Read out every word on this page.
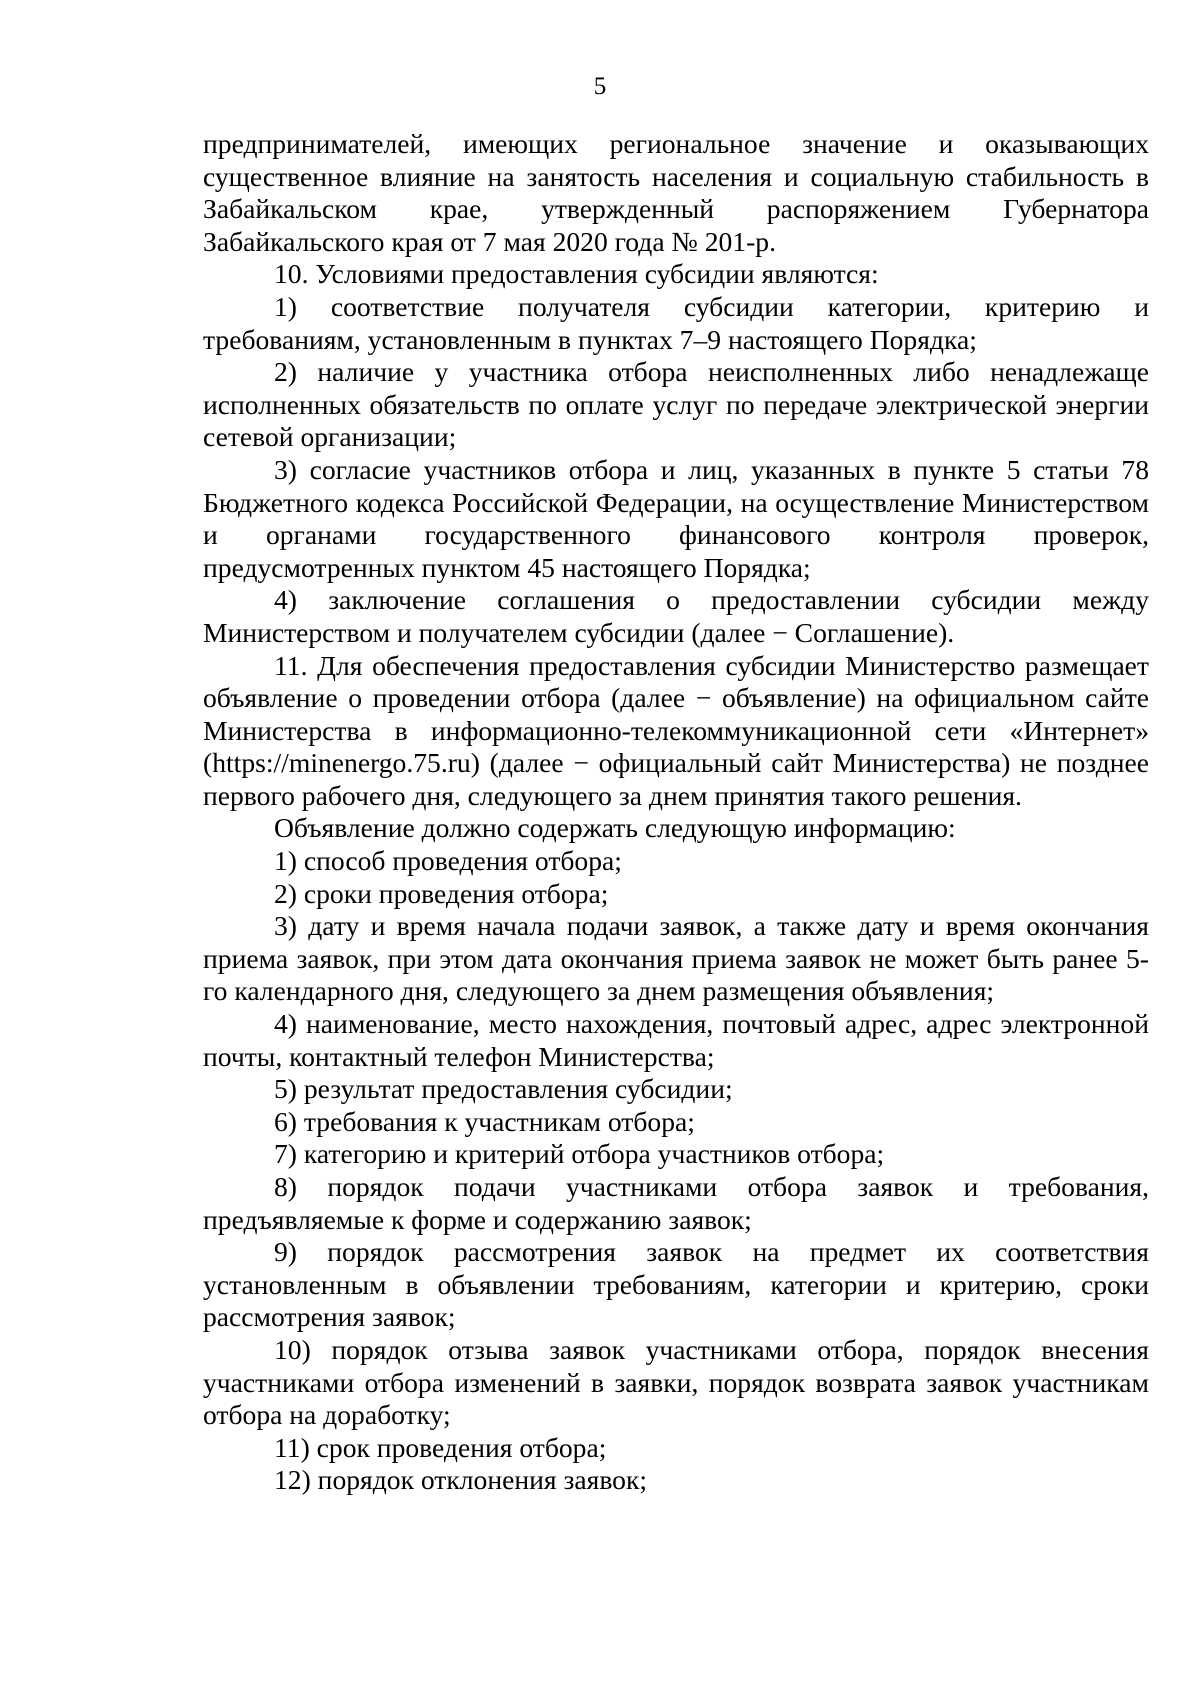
5

предпринимателей, имеющих региональное значение и оказывающих существенное влияние на занятость населения и социальную стабильность в Забайкальском крае, утвержденный распоряжением Губернатора Забайкальского края от 7 мая 2020 года № 201-р.

10. Условиями предоставления субсидии являются:

1) соответствие получателя субсидии категории, критерию и требованиям, установленным в пунктах 7–9 настоящего Порядка;

2) наличие у участника отбора неисполненных либо ненадлежаще исполненных обязательств по оплате услуг по передаче электрической энергии сетевой организации;

3) согласие участников отбора и лиц, указанных в пункте 5 статьи 78 Бюджетного кодекса Российской Федерации, на осуществление Министерством и органами государственного финансового контроля проверок, предусмотренных пунктом 45 настоящего Порядка;

4) заключение соглашения о предоставлении субсидии между Министерством и получателем субсидии (далее − Соглашение).

11. Для обеспечения предоставления субсидии Министерство размещает объявление о проведении отбора (далее − объявление) на официальном сайте Министерства в информационно-телекоммуникационной сети «Интернет» (https://minenergo.75.ru) (далее − официальный сайт Министерства) не позднее первого рабочего дня, следующего за днем принятия такого решения.

Объявление должно содержать следующую информацию:

1) способ проведения отбора;

2) сроки проведения отбора;

3) дату и время начала подачи заявок, а также дату и время окончания приема заявок, при этом дата окончания приема заявок не может быть ранее 5-го календарного дня, следующего за днем размещения объявления;

4) наименование, место нахождения, почтовый адрес, адрес электронной почты, контактный телефон Министерства;

5) результат предоставления субсидии;

6) требования к участникам отбора;

7) категорию и критерий отбора участников отбора;

8) порядок подачи участниками отбора заявок и требования, предъявляемые к форме и содержанию заявок;

9) порядок рассмотрения заявок на предмет их соответствия установленным в объявлении требованиям, категории и критерию, сроки рассмотрения заявок;

10) порядок отзыва заявок участниками отбора, порядок внесения участниками отбора изменений в заявки, порядок возврата заявок участникам отбора на доработку;

11) срок проведения отбора;

12) порядок отклонения заявок;
